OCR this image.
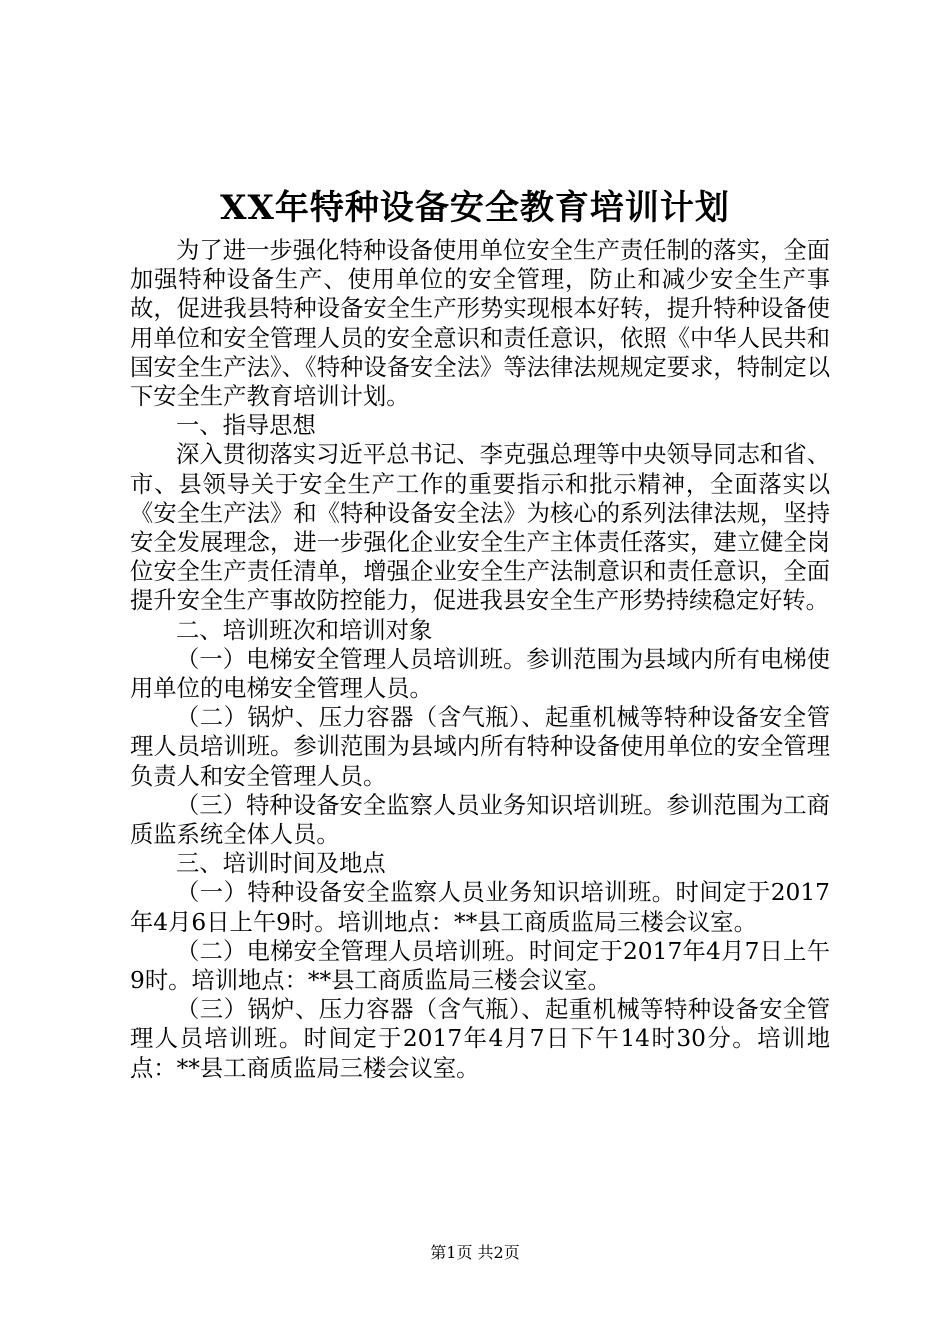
XX年特种设备安全教育培训计划

为了进一步强化特种设备使用单位安全生产责任制的落实，全面加强特种设备生产、使用单位的安全管理，防止和减少安全生产事故，促进我县特种设备安全生产形势实现根本好转，提升特种设备使用单位和安全管理人员的安全意识和责任意识，依照《中华人民共和国安全生产法》、《特种设备安全法》等法律法规规定要求，特制定以下安全生产教育培训计划。

一、指导思想

深入贯彻落实习近平总书记、李克强总理等中央领导同志和省、市、县领导关于安全生产工作的重要指示和批示精神，全面落实以《安全生产法》和《特种设备安全法》为核心的系列法律法规，坚持安全发展理念，进一步强化企业安全生产主体责任落实，建立健全岗位安全生产责任清单，增强企业安全生产法制意识和责任意识，全面提升安全生产事故防控能力，促进我县安全生产形势持续稳定好转。

二、培训班次和培训对象

（一）电梯安全管理人员培训班。参训范围为县域内所有电梯使用单位的电梯安全管理人员。

（二）锅炉、压力容器（含气瓶）、起重机械等特种设备安全管理人员培训班。参训范围为县域内所有特种设备使用单位的安全管理负责人和安全管理人员。

（三）特种设备安全监察人员业务知识培训班。参训范围为工商质监系统全体人员。

三、培训时间及地点

（一）特种设备安全监察人员业务知识培训班。时间定于2017年4月6日上午9时。培训地点：**县工商质监局三楼会议室。

（二）电梯安全管理人员培训班。时间定于2017年4月7日上午9时。培训地点：**县工商质监局三楼会议室。

（三）锅炉、压力容器（含气瓶）、起重机械等特种设备安全管理人员培训班。时间定于2017年4月7日下午14时30分。培训地点：**县工商质监局三楼会议室。

第1页 共2页
